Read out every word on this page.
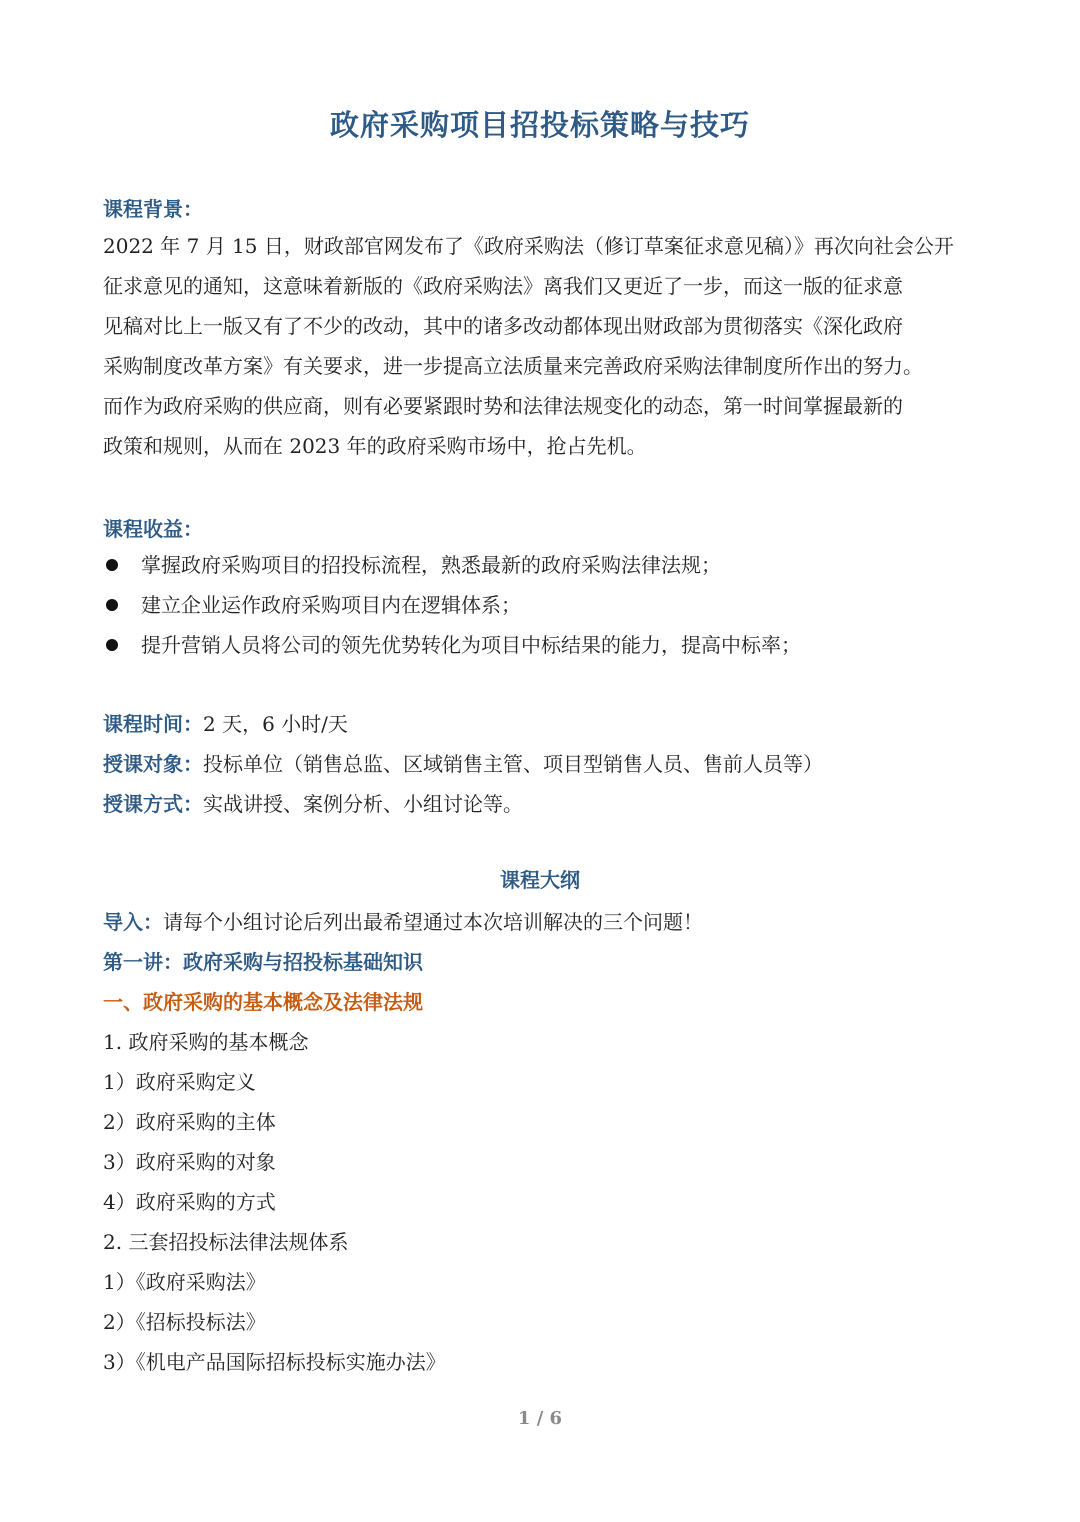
政府采购项目招投标策略与技巧
课程背景：
2022 年 7 月 15 日，财政部官网发布了《政府采购法（修订草案征求意见稿）》再次向社会公开
征求意见的通知，这意味着新版的《政府采购法》离我们又更近了一步，而这一版的征求意
见稿对比上一版又有了不少的改动，其中的诸多改动都体现出财政部为贯彻落实《深化政府
采购制度改革方案》有关要求，进一步提高立法质量来完善政府采购法律制度所作出的努力。
而作为政府采购的供应商，则有必要紧跟时势和法律法规变化的动态，第一时间掌握最新的
政策和规则，从而在 2023 年的政府采购市场中，抢占先机。
课程收益：
掌握政府采购项目的招投标流程，熟悉最新的政府采购法律法规；
建立企业运作政府采购项目内在逻辑体系；
提升营销人员将公司的领先优势转化为项目中标结果的能力，提高中标率；
课程时间：2 天，6 小时/天
授课对象：投标单位（销售总监、区域销售主管、项目型销售人员、售前人员等）
授课方式：实战讲授、案例分析、小组讨论等。
课程大纲
导入：请每个小组讨论后列出最希望通过本次培训解决的三个问题！
第一讲：政府采购与招投标基础知识
一、政府采购的基本概念及法律法规
1. 政府采购的基本概念
1）政府采购定义
2）政府采购的主体
3）政府采购的对象
4）政府采购的方式
2. 三套招投标法律法规体系
1）《政府采购法》
2）《招标投标法》
3）《机电产品国际招标投标实施办法》
1 / 6
